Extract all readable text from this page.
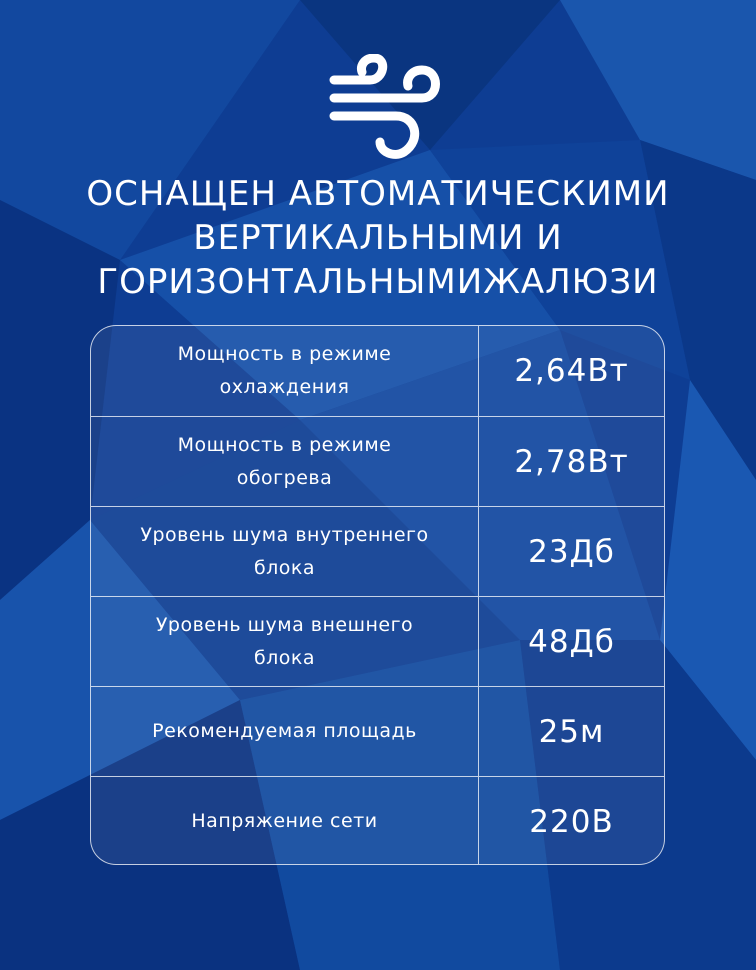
ОСНАЩЕН АВТОМАТИЧЕСКИМИ
ВЕРТИКАЛЬНЫМИ И
ГОРИЗОНТАЛЬНЫМИЖАЛЮЗИ
Мощность в режиме
охлаждения	2,64Вт
Мощность в режиме
обогрева	2,78Вт
Уровень шума внутреннего
блока	23Дб
Уровень шума внешнего
блока	48Дб
Рекомендуемая площадь	25м
Напряжение сети	220В
